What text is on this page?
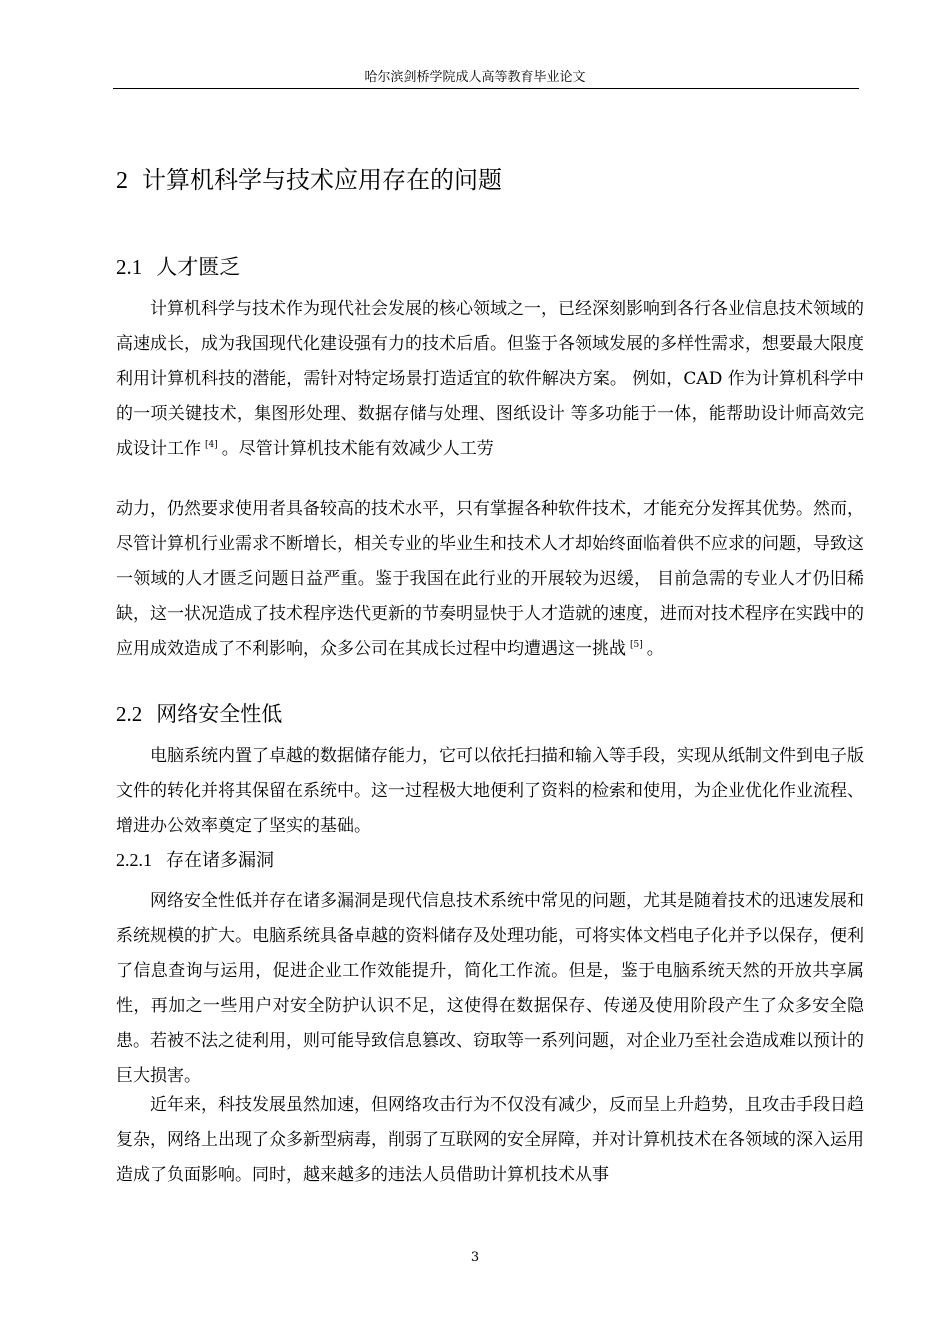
哈尔滨剑桥学院成人高等教育毕业论文
2 计算机科学与技术应用存在的问题
2.1 人才匮乏
计算机科学与技术作为现代社会发展的核心领域之一，已经深刻影响到各行各业信息技术领域的高速成长，成为我国现代化建设强有力的技术后盾。但鉴于各领域发展的多样性需求，想要最大限度利用计算机科技的潜能，需针对特定场景打造适宜的软件解决方案。 例如，CAD 作为计算机科学中的一项关键技术，集图形处理、数据存储与处理、图纸设计 等多功能于一体，能帮助设计师高效完成设计工作 [4] 。尽管计算机技术能有效减少人工劳
动力，仍然要求使用者具备较高的技术水平，只有掌握各种软件技术，才能充分发挥其优势。然而，尽管计算机行业需求不断增长，相关专业的毕业生和技术人才却始终面临着供不应求的问题，导致这一领域的人才匮乏问题日益严重。鉴于我国在此行业的开展较为迟缓， 目前急需的专业人才仍旧稀缺，这一状况造成了技术程序迭代更新的节奏明显快于人才造就的速度，进而对技术程序在实践中的应用成效造成了不利影响，众多公司在其成长过程中均遭遇这一挑战 [5] 。
2.2 网络安全性低
电脑系统内置了卓越的数据储存能力，它可以依托扫描和输入等手段，实现从纸制文件到电子版文件的转化并将其保留在系统中。这一过程极大地便利了资料的检索和使用，为企业优化作业流程、增进办公效率奠定了坚实的基础。
2.2.1 存在诸多漏洞
网络安全性低并存在诸多漏洞是现代信息技术系统中常见的问题，尤其是随着技术的迅速发展和系统规模的扩大。电脑系统具备卓越的资料储存及处理功能，可将实体文档电子化并予以保存，便利了信息查询与运用，促进企业工作效能提升，简化工作流。但是，鉴于电脑系统天然的开放共享属性，再加之一些用户对安全防护认识不足，这使得在数据保存、传递及使用阶段产生了众多安全隐患。若被不法之徒利用，则可能导致信息篡改、窃取等一系列问题，对企业乃至社会造成难以预计的巨大损害。
近年来，科技发展虽然加速，但网络攻击行为不仅没有减少，反而呈上升趋势，且攻击手段日趋复杂，网络上出现了众多新型病毒，削弱了互联网的安全屏障，并对计算机技术在各领域的深入运用造成了负面影响。同时，越来越多的违法人员借助计算机技术从事
3
